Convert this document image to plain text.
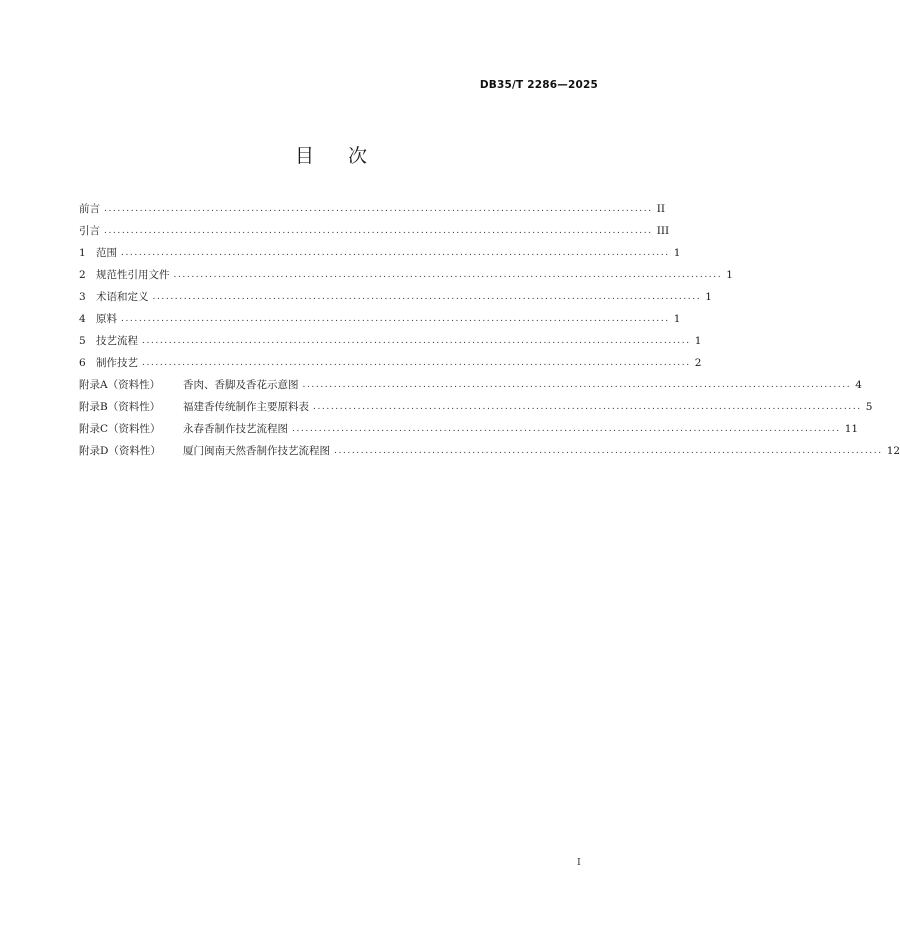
DB35/T 2286—2025
目 次
前言 ........................................................................................................................... II
引言 ........................................................................................................................... III
1 范围 ........................................................................................................................... 1
2 规范性引用文件 ........................................................................................................................... 1
3 术语和定义 ........................................................................................................................... 1
4 原料 ........................................................................................................................... 1
5 技艺流程 ........................................................................................................................... 1
6 制作技艺 ........................................................................................................................... 2
附录A（资料性） 香肉、香脚及香花示意图 ........................................................................................................................... 4
附录B（资料性） 福建香传统制作主要原料表 ........................................................................................................................... 5
附录C（资料性） 永春香制作技艺流程图 ........................................................................................................................... 11
附录D（资料性） 厦门闽南天然香制作技艺流程图 ........................................................................................................................... 12
I
